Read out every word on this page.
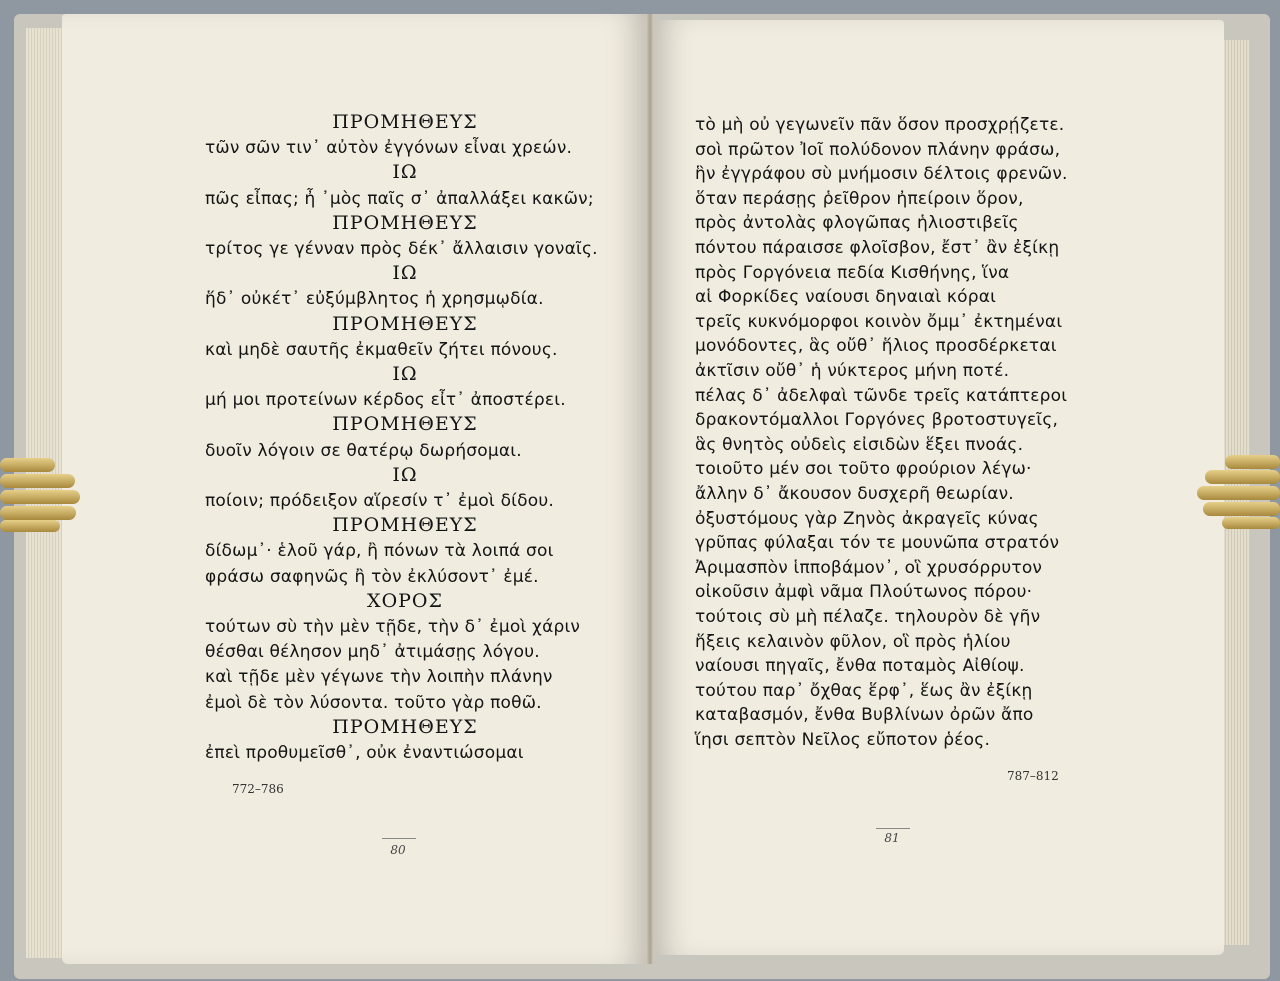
ΠΡΟΜΗΘΕΥΣ
τῶν σῶν τιν᾽ αὐτὸν ἐγγόνων εἶναι χρεών.
ΙΩ
πῶς εἶπας; ἦ ᾽μὸς παῖς σ᾽ ἀπαλλάξει κακῶν;
ΠΡΟΜΗΘΕΥΣ
τρίτος γε γένναν πρὸς δέκ᾽ ἄλλαισιν γοναῖς.
ΙΩ
ἥδ᾽ οὐκέτ᾽ εὐξύμβλητος ἡ χρησμῳδία.
ΠΡΟΜΗΘΕΥΣ
καὶ μηδὲ σαυτῆς ἐκμαθεῖν ζήτει πόνους.
ΙΩ
μή μοι προτείνων κέρδος εἶτ᾽ ἀποστέρει.
ΠΡΟΜΗΘΕΥΣ
δυοῖν λόγοιν σε θατέρῳ δωρήσομαι.
ΙΩ
ποίοιν; πρόδειξον αἵρεσίν τ᾽ ἐμοὶ δίδου.
ΠΡΟΜΗΘΕΥΣ
δίδωμ᾽· ἑλοῦ γάρ, ἢ πόνων τὰ λοιπά σοι
φράσω σαφηνῶς ἢ τὸν ἐκλύσοντ᾽ ἐμέ.
ΧΟΡΟΣ
τούτων σὺ τὴν μὲν τῇδε, τὴν δ᾽ ἐμοὶ χάριν
θέσθαι θέλησον μηδ᾽ ἀτιμάσῃς λόγου.
καὶ τῇδε μὲν γέγωνε τὴν λοιπὴν πλάνην
ἐμοὶ δὲ τὸν λύσοντα. τοῦτο γὰρ ποθῶ.
ΠΡΟΜΗΘΕΥΣ
ἐπεὶ προθυμεῖσθ᾽, οὐκ ἐναντιώσομαι
τὸ μὴ οὐ γεγωνεῖν πᾶν ὅσον προσχρῄζετε.
σοὶ πρῶτον Ἰοῖ πολύδονον πλάνην φράσω,
ἣν ἐγγράφου σὺ μνήμοσιν δέλτοις φρενῶν.
ὅταν περάσῃς ῥεῖθρον ἠπείροιν ὅρον,
πρὸς ἀντολὰς φλογῶπας ἡλιοστιβεῖς
πόντου πάραισσε φλοῖσβον, ἔστ᾽ ἂν ἐξίκῃ
πρὸς Γοργόνεια πεδία Κισθήνης, ἵνα
αἱ Φορκίδες ναίουσι δηναιαὶ κόραι
τρεῖς κυκνόμορφοι κοινὸν ὄμμ᾽ ἐκτημέναι
μονόδοντες, ἃς οὔθ᾽ ἥλιος προσδέρκεται
ἀκτῖσιν οὔθ᾽ ἡ νύκτερος μήνη ποτέ.
πέλας δ᾽ ἀδελφαὶ τῶνδε τρεῖς κατάπτεροι
δρακοντόμαλλοι Γοργόνες βροτοστυγεῖς,
ἃς θνητὸς οὐδεὶς εἰσιδὼν ἕξει πνοάς.
τοιοῦτο μέν σοι τοῦτο φρούριον λέγω·
ἄλλην δ᾽ ἄκουσον δυσχερῆ θεωρίαν.
ὀξυστόμους γὰρ Ζηνὸς ἀκραγεῖς κύνας
γρῦπας φύλαξαι τόν τε μουνῶπα στρατόν
Ἀριμασπὸν ἱπποβάμον᾽, οἳ χρυσόρρυτον
οἰκοῦσιν ἀμφὶ νᾶμα Πλούτωνος πόρου·
τούτοις σὺ μὴ πέλαζε. τηλουρὸν δὲ γῆν
ἥξεις κελαινὸν φῦλον, οἳ πρὸς ἡλίου
ναίουσι πηγαῖς, ἔνθα ποταμὸς Αἰθίοψ.
τούτου παρ᾽ ὄχθας ἕρφ᾽, ἕως ἂν ἐξίκῃ
καταβασμόν, ἔνθα Βυβλίνων ὀρῶν ἄπο
ἵησι σεπτὸν Νεῖλος εὔποτον ῥέος.
772–786
80
787–812
81
